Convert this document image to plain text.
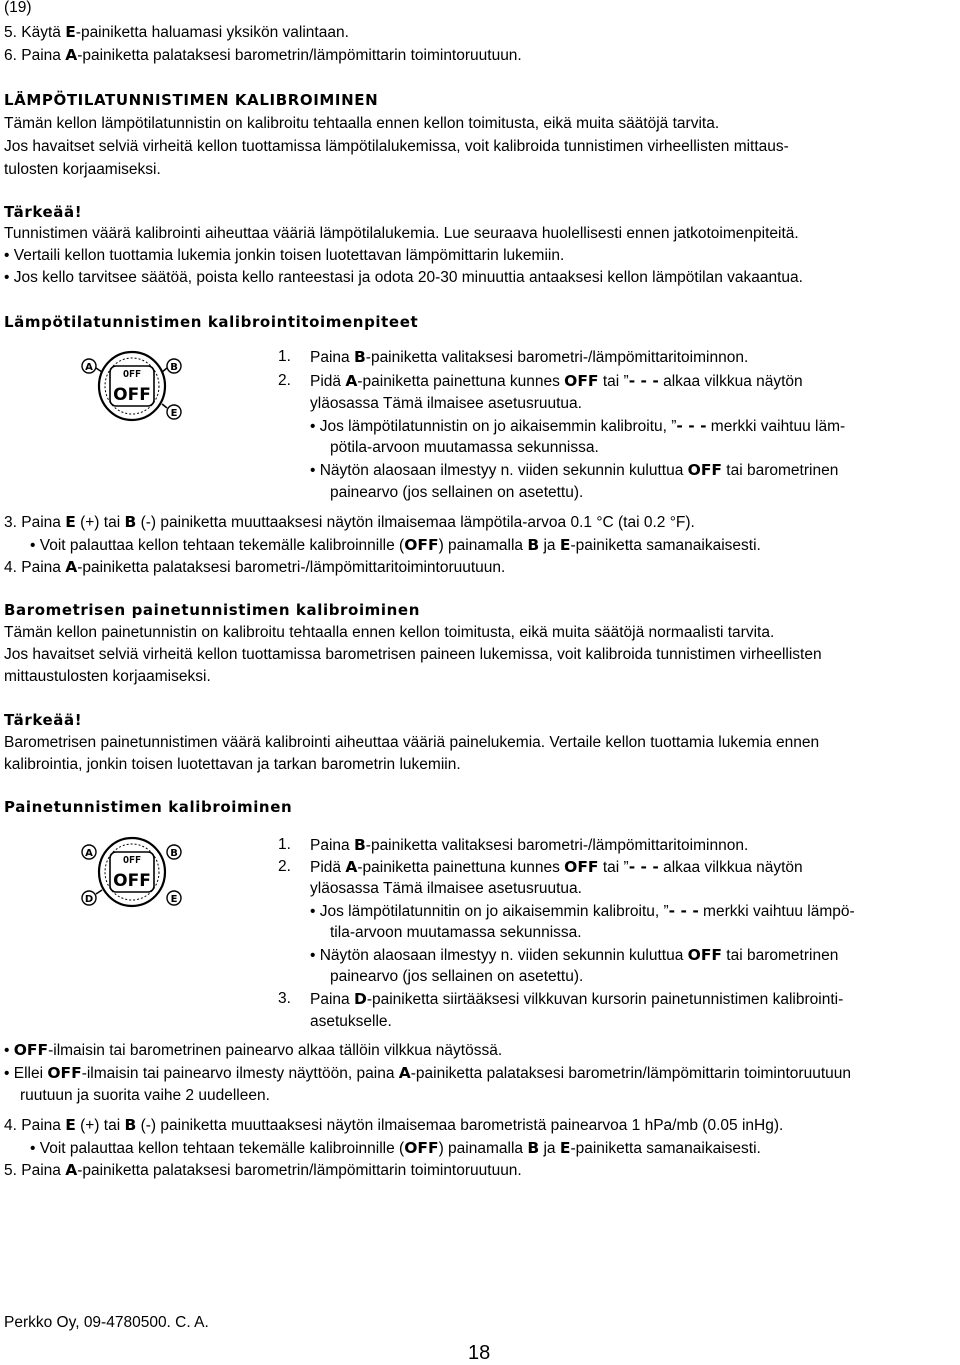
(19)
5. Käytä E-painiketta haluamasi yksikön valintaan.
6. Paina A-painiketta palataksesi barometrin/lämpömittarin toimintoruutuun.
LÄMPÖTILATUNNISTIMEN KALIBROIMINEN
Tämän kellon lämpötilatunnistin on kalibroitu tehtaalla ennen kellon toimitusta, eikä muita säätöjä tarvita.
Jos havaitset selviä virheitä kellon tuottamissa lämpötilalukemissa, voit kalibroida tunnistimen virheellisten mittaus-
tulosten korjaamiseksi.
Tärkeää!
Tunnistimen väärä kalibrointi aiheuttaa vääriä lämpötilalukemia. Lue seuraava huolellisesti ennen jatkotoimenpiteitä.
• Vertaili kellon tuottamia lukemia jonkin toisen luotettavan lämpömittarin lukemiin.
• Jos kello tarvitsee säätöä, poista kello ranteestasi ja odota 20-30 minuuttia antaaksesi kellon lämpötilan vakaantua.
Lämpötilatunnistimen kalibrointitoimenpiteet
OFF
OFF
A	B
E
1. Paina B-painiketta valitaksesi barometri-/lämpömittaritoiminnon.
2. Pidä A-painiketta painettuna kunnes OFF tai ”- - - alkaa vilkkua näytön
yläosassa Tämä ilmaisee asetusruutua.
• Jos lämpötilatunnistin on jo aikaisemmin kalibroitu, ”- - - merkki vaihtuu läm-
pötila-arvoon muutamassa sekunnissa.
• Näytön alaosaan ilmestyy n. viiden sekunnin kuluttua OFF tai barometrinen
painearvo (jos sellainen on asetettu).
3. Paina E (+) tai B (-) painiketta muuttaaksesi näytön ilmaisemaa lämpötila-arvoa 0.1 °C (tai 0.2 °F).
• Voit palauttaa kellon tehtaan tekemälle kalibroinnille (OFF) painamalla B ja E-painiketta samanaikaisesti.
4. Paina A-painiketta palataksesi barometri-/lämpömittaritoimintoruutuun.
Barometrisen painetunnistimen kalibroiminen
Tämän kellon painetunnistin on kalibroitu tehtaalla ennen kellon toimitusta, eikä muita säätöjä normaalisti tarvita.
Jos havaitset selviä virheitä kellon tuottamissa barometrisen paineen lukemissa, voit kalibroida tunnistimen virheellisten
mittaustulosten korjaamiseksi.
Tärkeää!
Barometrisen painetunnistimen väärä kalibrointi aiheuttaa vääriä painelukemia. Vertaile kellon tuottamia lukemia ennen
kalibrointia, jonkin toisen luotettavan ja tarkan barometrin lukemiin.
Painetunnistimen kalibroiminen
OFF
OFF
A	B
D	E
1. Paina B-painiketta valitaksesi barometri-/lämpömittaritoiminnon.
2. Pidä A-painiketta painettuna kunnes OFF tai ”- - - alkaa vilkkua näytön
yläosassa Tämä ilmaisee asetusruutua.
• Jos lämpötilatunnitin on jo aikaisemmin kalibroitu, ”- - - merkki vaihtuu lämpö-
tila-arvoon muutamassa sekunnissa.
• Näytön alaosaan ilmestyy n. viiden sekunnin kuluttua OFF tai barometrinen
painearvo (jos sellainen on asetettu).
3. Paina D-painiketta siirtääksesi vilkkuvan kursorin painetunnistimen kalibrointi-
asetukselle.
• OFF-ilmaisin tai barometrinen painearvo alkaa tällöin vilkkua näytössä.
• Ellei OFF-ilmaisin tai painearvo ilmesty näyttöön, paina A-painiketta palataksesi barometrin/lämpömittarin toimintoruutuun
ruutuun ja suorita vaihe 2 uudelleen.
4. Paina E (+) tai B (-) painiketta muuttaaksesi näytön ilmaisemaa barometristä painearvoa 1 hPa/mb (0.05 inHg).
• Voit palauttaa kellon tehtaan tekemälle kalibroinnille (OFF) painamalla B ja E-painiketta samanaikaisesti.
5. Paina A-painiketta palataksesi barometrin/lämpömittarin toimintoruutuun.
Perkko Oy, 09-4780500. C. A.
18
